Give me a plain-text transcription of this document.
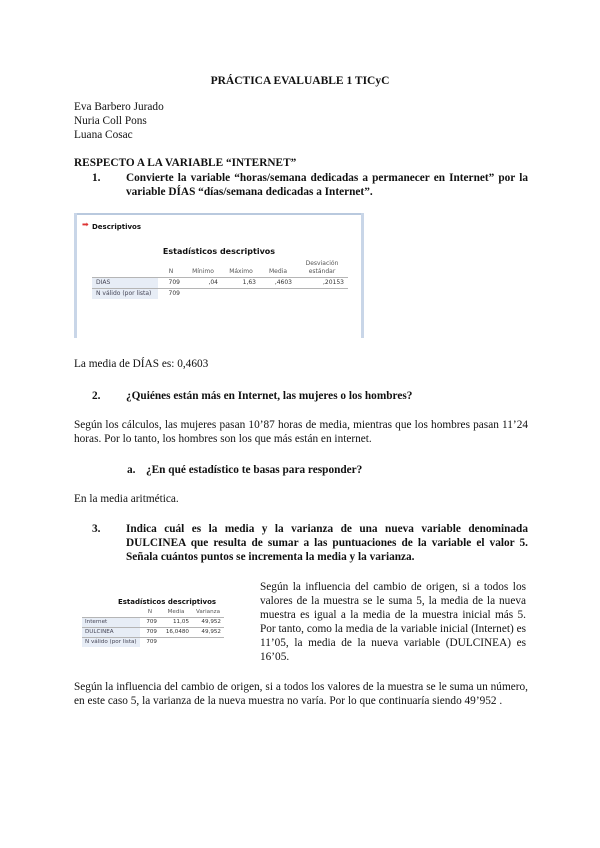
PRÁCTICA EVALUABLE 1 TICyC
Eva Barbero Jurado
Nuria Coll Pons
Luana Cosac
RESPECTO A LA VARIABLE “INTERNET”
1. Convierte la variable “horas/semana dedicadas a permanecer en Internet” por la variable DÍAS “días/semana dedicadas a Internet”.
➡ Descriptivos
Estadísticos descriptivos
	N	Mínimo	Máximo	Media	Desviación estándar
DIAS	709	,04	1,63	,4603	,20153
N válido (por lista)	709				
La media de DÍAS es: 0,4603
2. ¿Quiénes están más en Internet, las mujeres o los hombres?
Según los cálculos, las mujeres pasan 10’87 horas de media, mientras que los hombres pasan 11’24 horas. Por lo tanto, los hombres son los que más están en internet.
a. ¿En qué estadístico te basas para responder?
En la media aritmética.
3. Indica cuál es la media y la varianza de una nueva variable denominada DULCINEA que resulta de sumar a las puntuaciones de la variable el valor 5. Señala cuántos puntos se incrementa la media y la varianza.
Estadísticos descriptivos
	N	Media	Varianza
Internet	709	11,05	49,952
DULCINEA	709	16,0480	49,952
N válido (por lista)	709		
Según la influencia del cambio de origen, si a todos los valores de la muestra se le suma 5, la media de la nueva muestra es igual a la media de la muestra inicial más 5. Por tanto, como la media de la variable inicial (Internet) es 11’05, la media de la nueva variable (DULCINEA) es 16’05.
Según la influencia del cambio de origen, si a todos los valores de la muestra se le suma un número, en este caso 5, la varianza de la nueva muestra no varía. Por lo que continuaría siendo 49’952 .
